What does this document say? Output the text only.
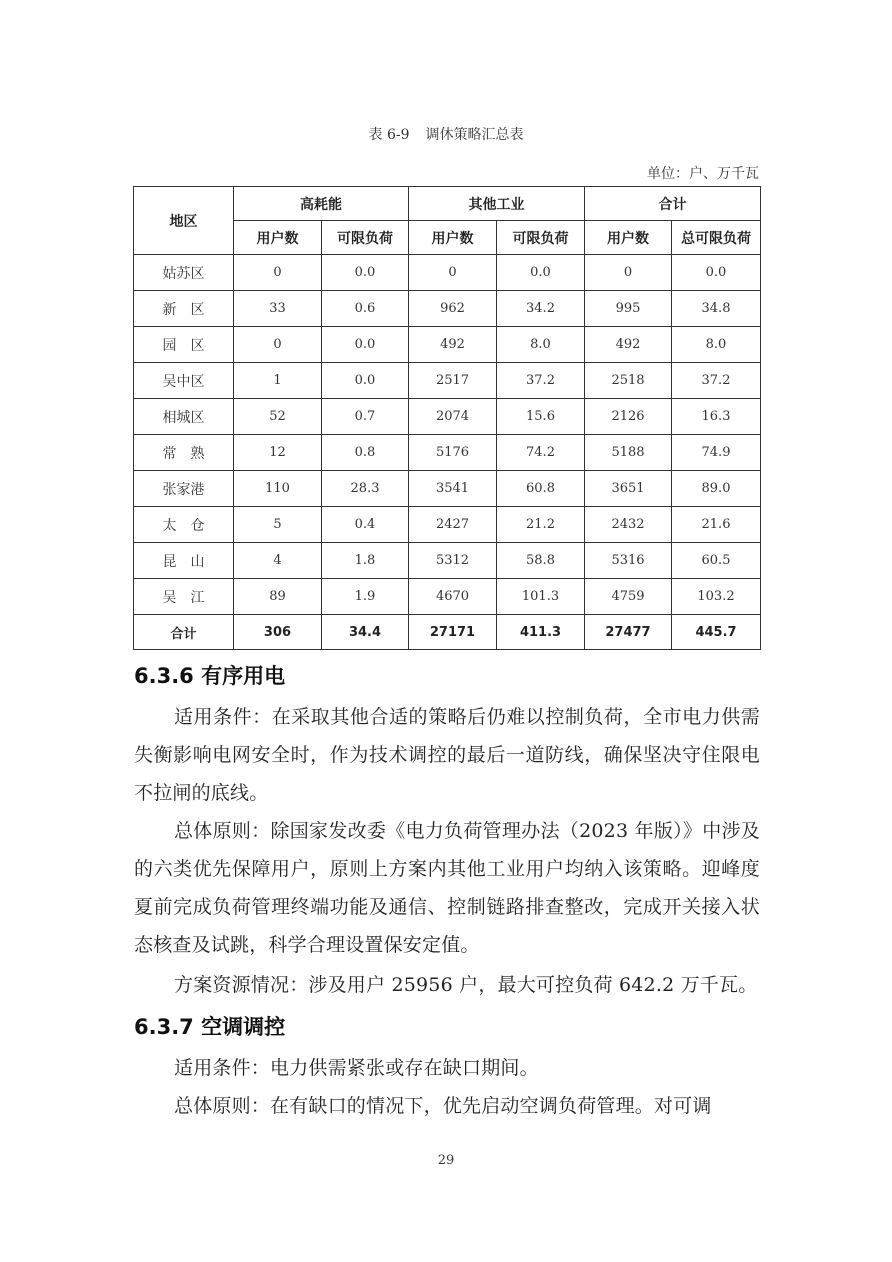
表 6-9 调休策略汇总表
单位：户、万千瓦
地区	高耗能		其他工业		合计	
	用户数	可限负荷	用户数	可限负荷	用户数	总可限负荷
姑苏区	0	0.0	0	0.0	0	0.0
新　区	33	0.6	962	34.2	995	34.8
园　区	0	0.0	492	8.0	492	8.0
吴中区	1	0.0	2517	37.2	2518	37.2
相城区	52	0.7	2074	15.6	2126	16.3
常　熟	12	0.8	5176	74.2	5188	74.9
张家港	110	28.3	3541	60.8	3651	89.0
太　仓	5	0.4	2427	21.2	2432	21.6
昆　山	4	1.8	5312	58.8	5316	60.5
吴　江	89	1.9	4670	101.3	4759	103.2
合计	306	34.4	27171	411.3	27477	445.7
6.3.6 有序用电

适用条件：在采取其他合适的策略后仍难以控制负荷，全市电力供需失衡影响电网安全时，作为技术调控的最后一道防线，确保坚决守住限电不拉闸的底线。

总体原则：除国家发改委《电力负荷管理办法（2023 年版）》中涉及的六类优先保障用户，原则上方案内其他工业用户均纳入该策略。迎峰度夏前完成负荷管理终端功能及通信、控制链路排查整改，完成开关接入状态核查及试跳，科学合理设置保安定值。

方案资源情况：涉及用户 25956 户，最大可控负荷 642.2 万千瓦。

6.3.7 空调调控

适用条件：电力供需紧张或存在缺口期间。

总体原则：在有缺口的情况下，优先启动空调负荷管理。对可调

29
